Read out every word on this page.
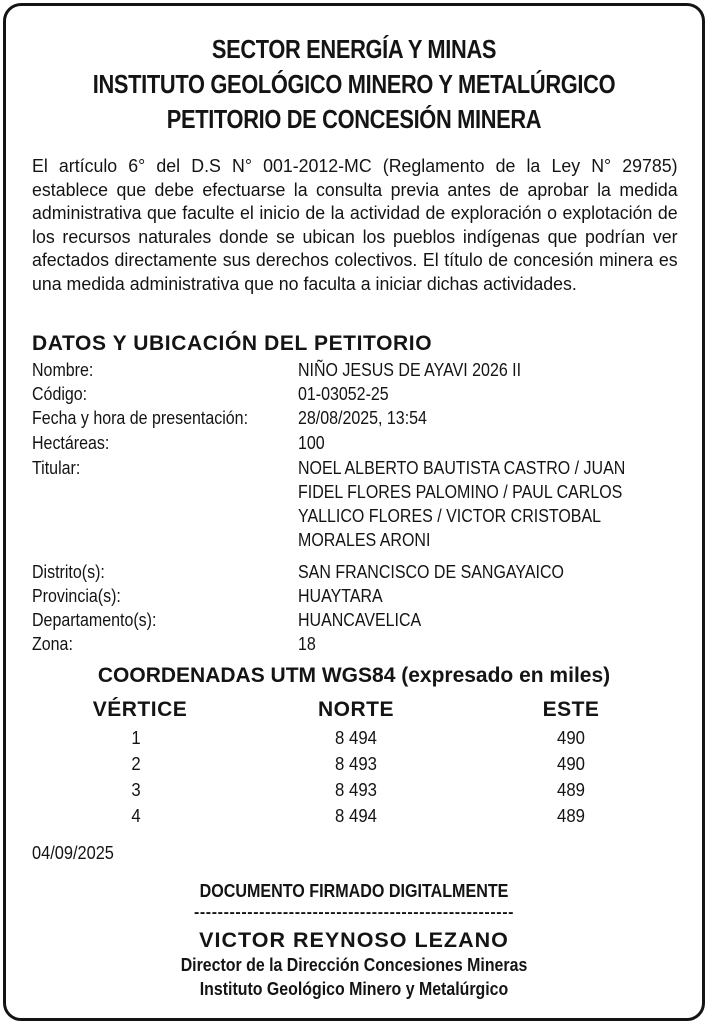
SECTOR ENERGÍA Y MINAS
INSTITUTO GEOLÓGICO MINERO Y METALÚRGICO
PETITORIO DE CONCESIÓN MINERA
El artículo 6° del D.S N° 001-2012-MC (Reglamento de la Ley N° 29785) establece que debe efectuarse la consulta previa antes de aprobar la medida administrativa que faculte el inicio de la actividad de exploración o explotación de los recursos naturales donde se ubican los pueblos indígenas que podrían ver afectados directamente sus derechos colectivos. El título de concesión minera es una medida administrativa que no faculta a iniciar dichas actividades.
DATOS Y UBICACIÓN DEL PETITORIO
Nombre:	NIÑO JESUS DE AYAVI 2026 II
Código:	01-03052-25
Fecha y hora de presentación:	28/08/2025, 13:54
Hectáreas:	100
Titular:	NOEL ALBERTO BAUTISTA CASTRO / JUAN
FIDEL FLORES PALOMINO / PAUL CARLOS
YALLICO FLORES / VICTOR CRISTOBAL
MORALES ARONI
Distrito(s):	SAN FRANCISCO DE SANGAYAICO
Provincia(s):	HUAYTARA
Departamento(s):	HUANCAVELICA
Zona:	18
COORDENADAS UTM WGS84 (expresado en miles)
VÉRTICE	NORTE	ESTE
1	8 494	490
2	8 493	490
3	8 493	489
4	8 494	489
04/09/2025
DOCUMENTO FIRMADO DIGITALMENTE
------------------------------------------------------
VICTOR REYNOSO LEZANO
Director de la Dirección Concesiones Mineras
Instituto Geológico Minero y Metalúrgico
